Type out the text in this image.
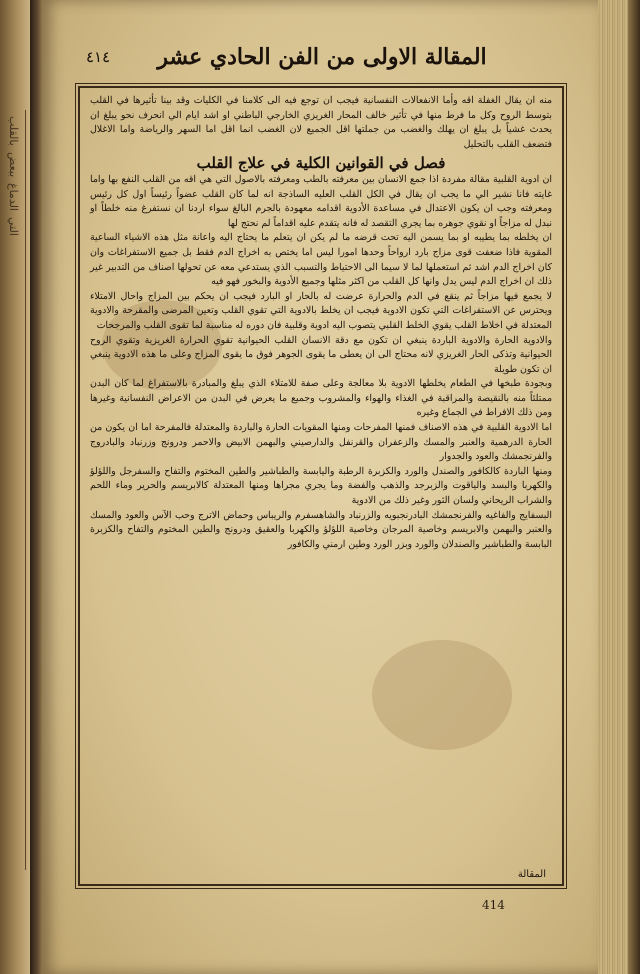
بالقلب
ببعض
الدماغ
التي
٤١٤ المقالة الاولى من الفن الحادي عشر

منه ان يقال الغفلة اقه وأما الانفعالات النفسانية فيجب ان توجع فيه الى كلامنا في الكليات وقد بينا تأثيرها في القلب بتوسط الروح وكل ما فرط منها في تأثير خالف المحار الغريزي الخارجي الباطني او اشد ايام الي انحرف نحو يبلغ ان يحدث غشياً بل يبلغ ان يهلك والغضب من جملتها اقل الجميع لان الغضب انما اقل اما السهر والرياضة واما الاغلال فتضعف القلب بالتحليل

فصل في القوانين الكلية في علاج القلب

ان ادوية القلبية مقالة مفردة اذا جمع الانسان بين معرفته بالطب ومعرفته بالاصول التي هي اقه من القلب النفع بها واما غايته فانا نشير الي ما يجب ان يقال في الكل القلب العليه الساذجة انه لما كان القلب عضواً رئيساً اول كل رئيس ومعرفته وجب ان يكون الاعتدال في مساعدة الأدوية اقدامه معهودة بالجرم البالغ سواء اردنا ان نستفرغ منه خلطاً او نبدل له مزاجاً او نقوي جوهره بما يجري التقصد له فانه يتقدم عليه اقداماً لم نحتج لها

ان يخلطه بما يطيبه او بما يسمن اليه تحت قرضه ما لم يكن ان يتعلم ما يحتاج اليه واعانة مثل هذه الاشياء الساعية المقوية فاذا ضعفت قوى مزاج بارد ارواحاً وحدها امورا ليس اما يختص به اخراج الدم فقط بل جميع الاستفراغات وان كان اخراج الدم اشد ثم استعملها لما لا سيما الى الاحتياط والتسبب الذي يستدعي معه عن تحولها اصناف من التدبير غير ذلك ان اخراج الدم ليس يدل وانها كل القلب من اكثر مثلها وجميع الأدوية والبخور فهو فيه

لا يجمع فيها مزاجاً ثم ينقع في الدم والحرارة عرضت له بالحار او البارد فيجب ان يحكم بين المزاج واحال الامتلاء ويحترس عن الاستفراغات التي تكون الادوية فيجب ان يخلط بالادوية التي تقوي القلب وتعين المرضى والمقرحة والادوية المعتدلة في اخلاط القلب يقوي الخلط القلبي يتصوب اليه ادوية وقلبية فان دوره له مناسبة لما تقوى القلب والمرجحات

والادوية الحارة والادوية الباردة ينبغي ان تكون مع دقة الانسان القلب الحيوانية تقوي الحرارة الغريزية وتقوي الروح الحيوانية وتذكى الحار الغريزي لانه محتاج الى ان يعطى ما يقوى الجوهر فوق ما يقوى المزاج وعلى ما هذه الادوية ينبغي ان تكون طويلة

وبجودة طبخها في الطعام يخلطها الادوية بلا معالجة وعلى صفة للامتلاء الذي يبلغ والمبادرة بالاستفراغ لما كان البدن ممتلئاً منه بالنقيصة والمراقبة في الغذاء والهواء والمشروب وجميع ما يعرض في البدن من الاعراض النفسانية وغيرها ومن ذلك الافراط في الجماع وغيره

اما الادوية القلبية في هذه الاصناف فمنها المفرحات ومنها المقويات الحارة والباردة والمعتدلة فالمفرحة اما ان يكون من الحارة الدرهمية والعنبر والمسك والزعفران والقرنفل والدارصيني والبهمن الابيض والاحمر ودرونج وزرنباد والبادروج والفرنجمشك والعود والجدوار

ومنها الباردة كالكافور والصندل والورد والكزبرة الرطبة واليابسة والطباشير والطين المختوم والتفاح والسفرجل واللؤلؤ والكهربا والبسد والياقوت والزبرجد والذهب والفضة وما يجري مجراها ومنها المعتدلة كالابريسم والحرير وماء اللحم والشراب الريحاني ولسان الثور وغير ذلك من الادوية

البسفايج والفاغيه والفرنجمشك البادرنجبويه والزرنباد والشاهسفرم والريباس وحماض الاترج وحب الآس والعود والمسك والعنبر والبهمن والابريسم وخاصية المرجان وخاصية اللؤلؤ والكهربا والعقيق ودرونج والطين المختوم والتفاح والكزبرة البابسة والطباشير والصندلان والورد وبزر الورد وطين ارمني والكافور

المقالة
414
